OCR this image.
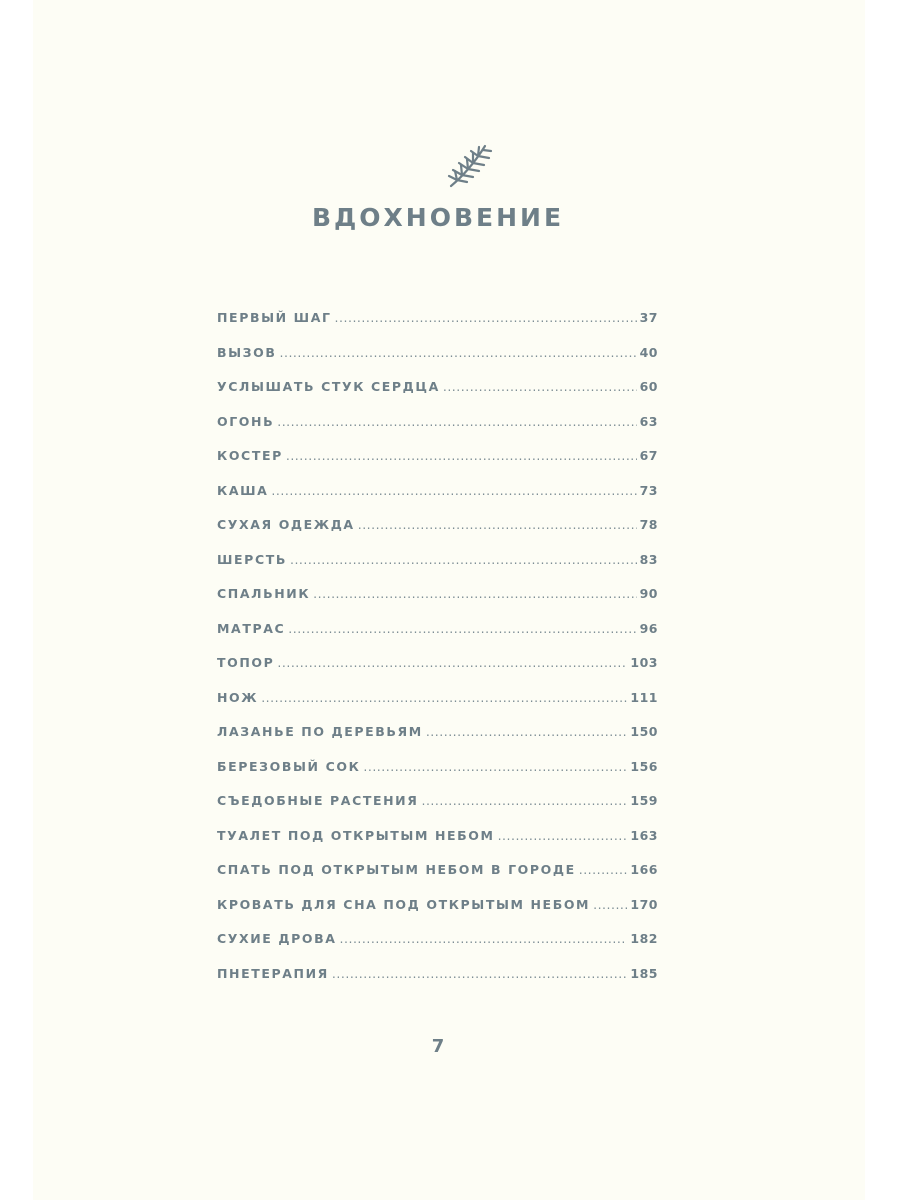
ВДОХНОВЕНИЕ
ПЕРВЫЙ ШАГ .....	37
ВЫЗОВ .....	40
УСЛЫШАТЬ СТУК СЕРДЦА .....	60
ОГОНЬ .....	63
КОСТЕР .....	67
КАША .....	73
СУХАЯ ОДЕЖДА .....	78
ШЕРСТЬ .....	83
СПАЛЬНИК .....	90
МАТРАС .....	96
ТОПОР .....	103
НОЖ .....	111
ЛАЗАНЬЕ ПО ДЕРЕВЬЯМ .....	150
БЕРЕЗОВЫЙ СОК .....	156
СЪЕДОБНЫЕ РАСТЕНИЯ .....	159
ТУАЛЕТ ПОД ОТКРЫТЫМ НЕБОМ .....	163
СПАТЬ ПОД ОТКРЫТЫМ НЕБОМ В ГОРОДЕ .....	166
КРОВАТЬ ДЛЯ СНА ПОД ОТКРЫТЫМ НЕБОМ .....	170
СУХИЕ ДРОВА .....	182
ПНЕТЕРАПИЯ .....	185
7
